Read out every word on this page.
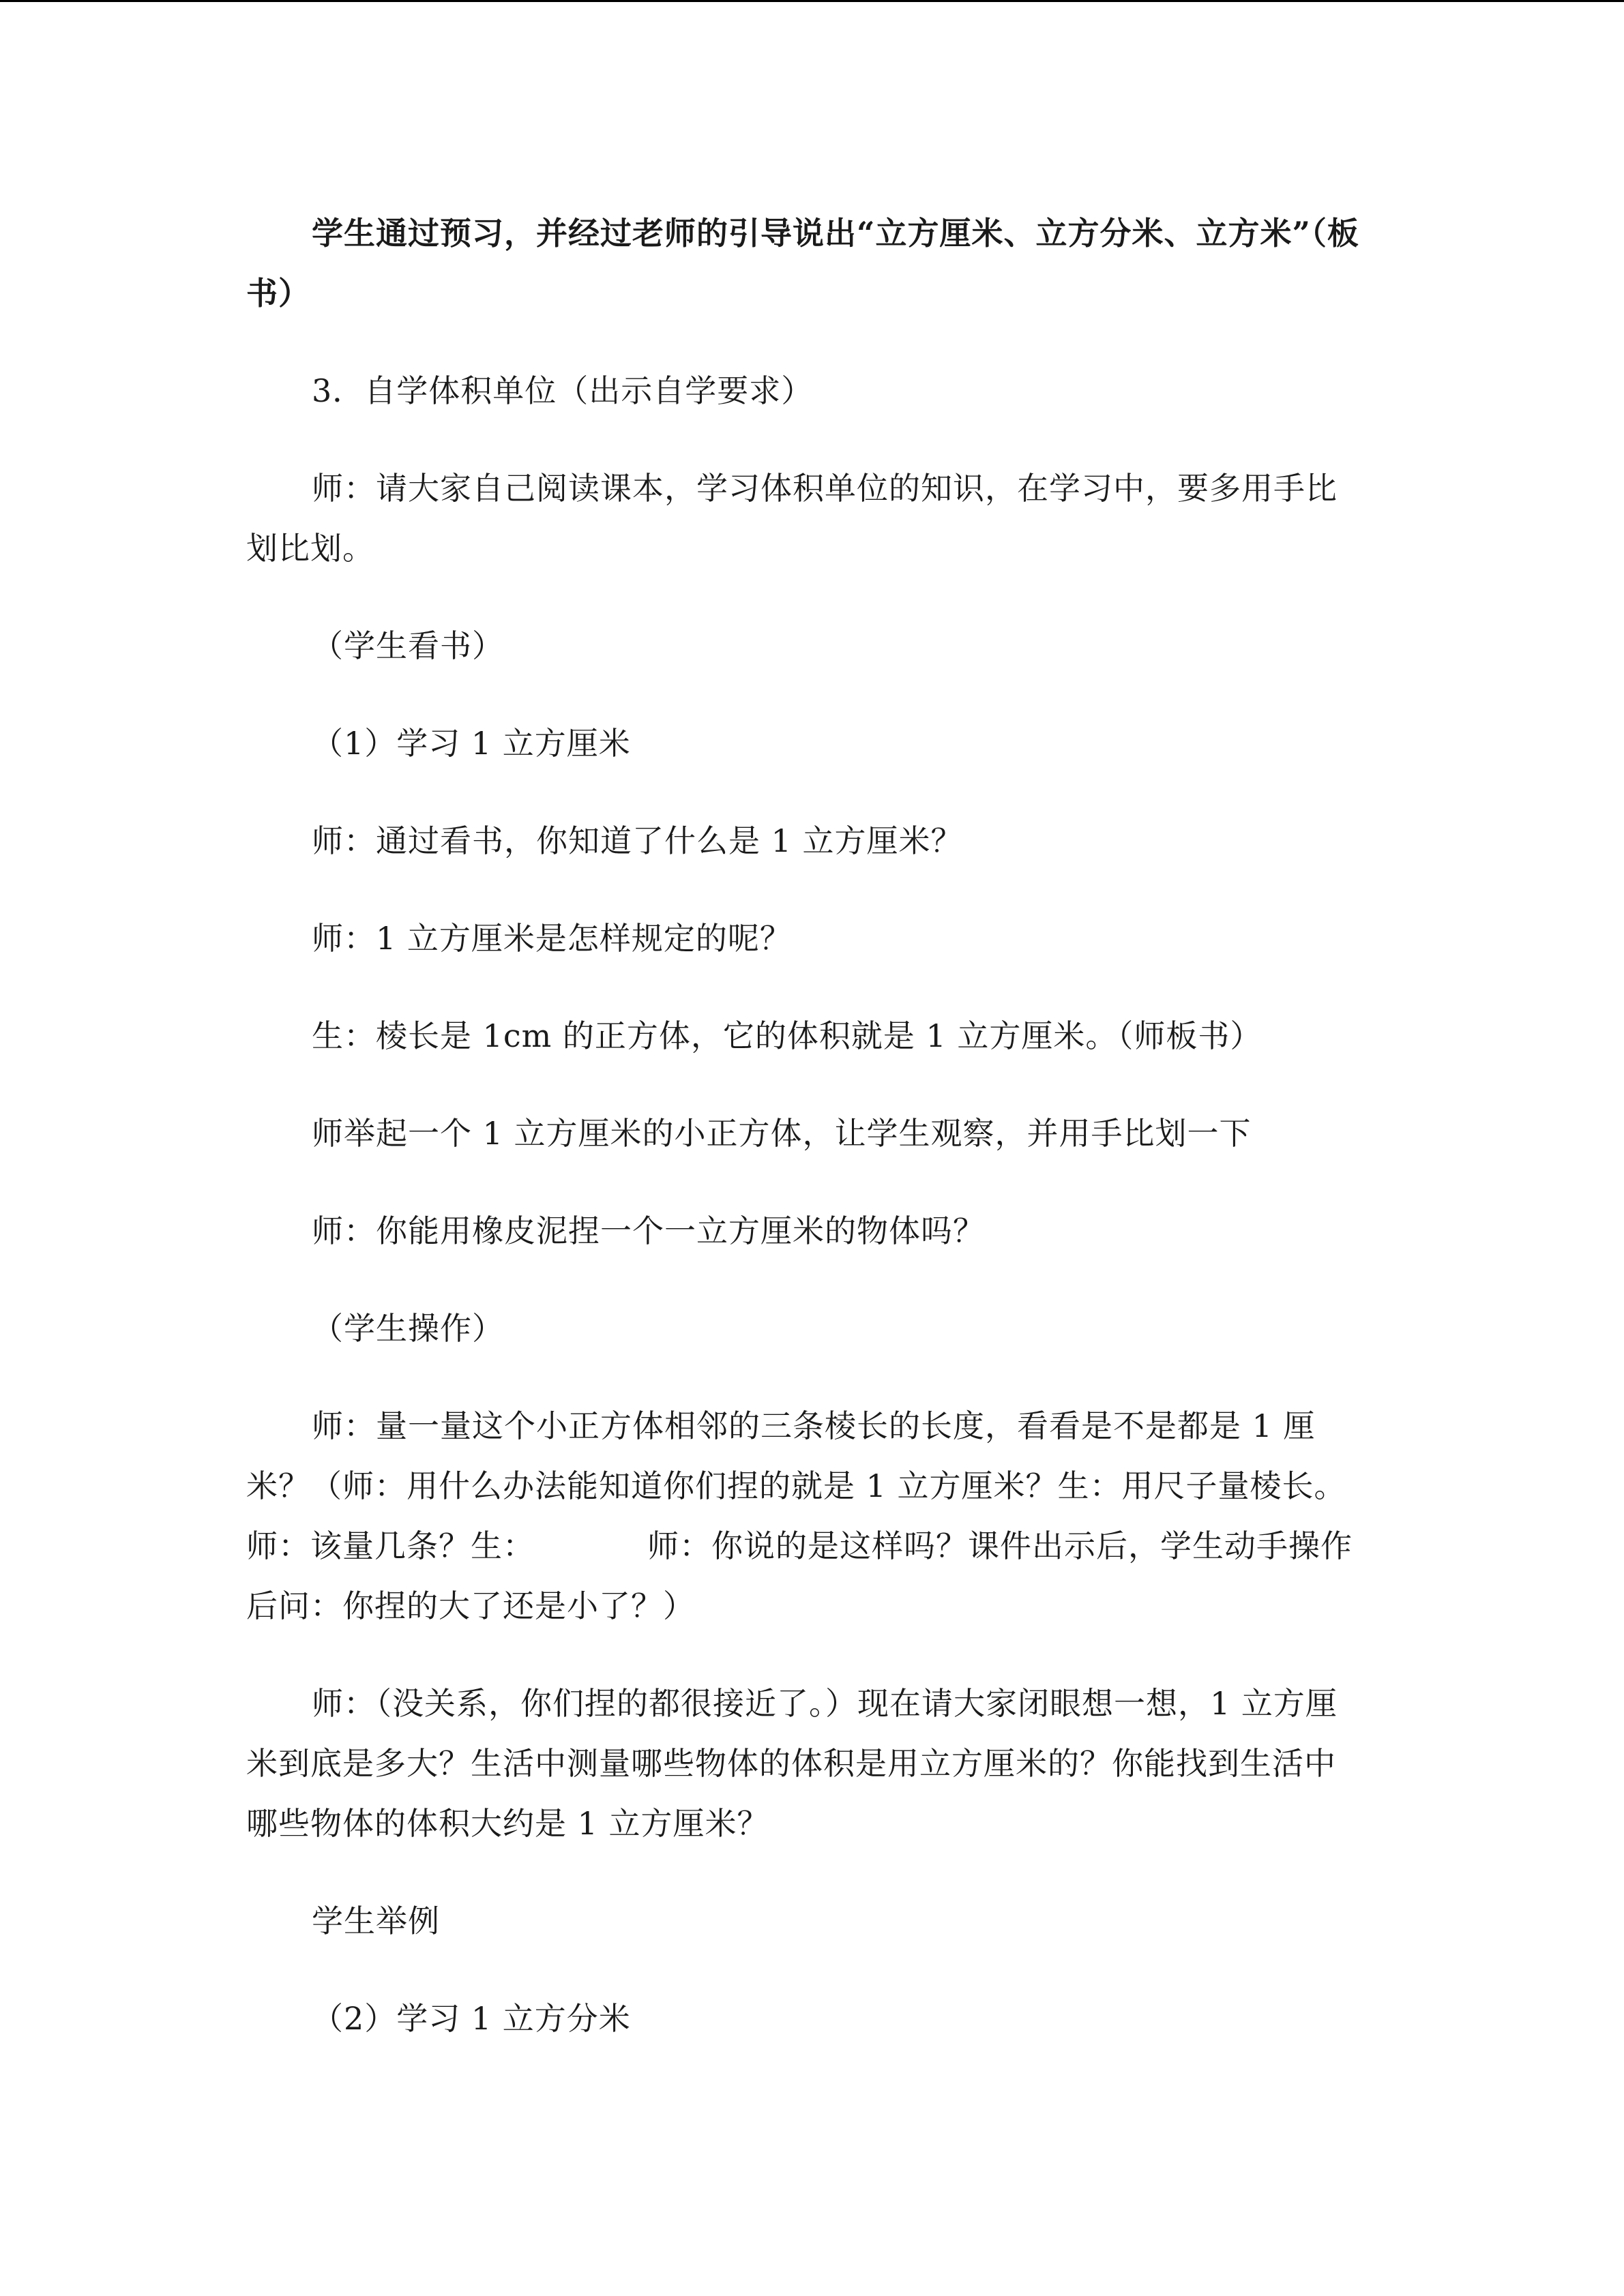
学生通过预习，并经过老师的引导说出“立方厘米、立方分米、立方米”（板书）

3．自学体积单位（出示自学要求）

师：请大家自己阅读课本，学习体积单位的知识，在学习中，要多用手比划比划。

（学生看书）

（1）学习 1 立方厘米

师：通过看书，你知道了什么是 1 立方厘米？

师：1 立方厘米是怎样规定的呢？

生：棱长是 1cm 的正方体，它的体积就是 1 立方厘米。（师板书）

师举起一个 1 立方厘米的小正方体，让学生观察，并用手比划一下

师：你能用橡皮泥捏一个一立方厘米的物体吗？

（学生操作）

师：量一量这个小正方体相邻的三条棱长的长度，看看是不是都是 1 厘米？（师：用什么办法能知道你们捏的就是 1 立方厘米？生：用尺子量棱长。师：该量几条？生：　　　　师：你说的是这样吗？课件出示后，学生动手操作后问：你捏的大了还是小了？）

师：（没关系，你们捏的都很接近了。）现在请大家闭眼想一想，1 立方厘米到底是多大？生活中测量哪些物体的体积是用立方厘米的？你能找到生活中哪些物体的体积大约是 1 立方厘米？

学生举例

（2）学习 1 立方分米
